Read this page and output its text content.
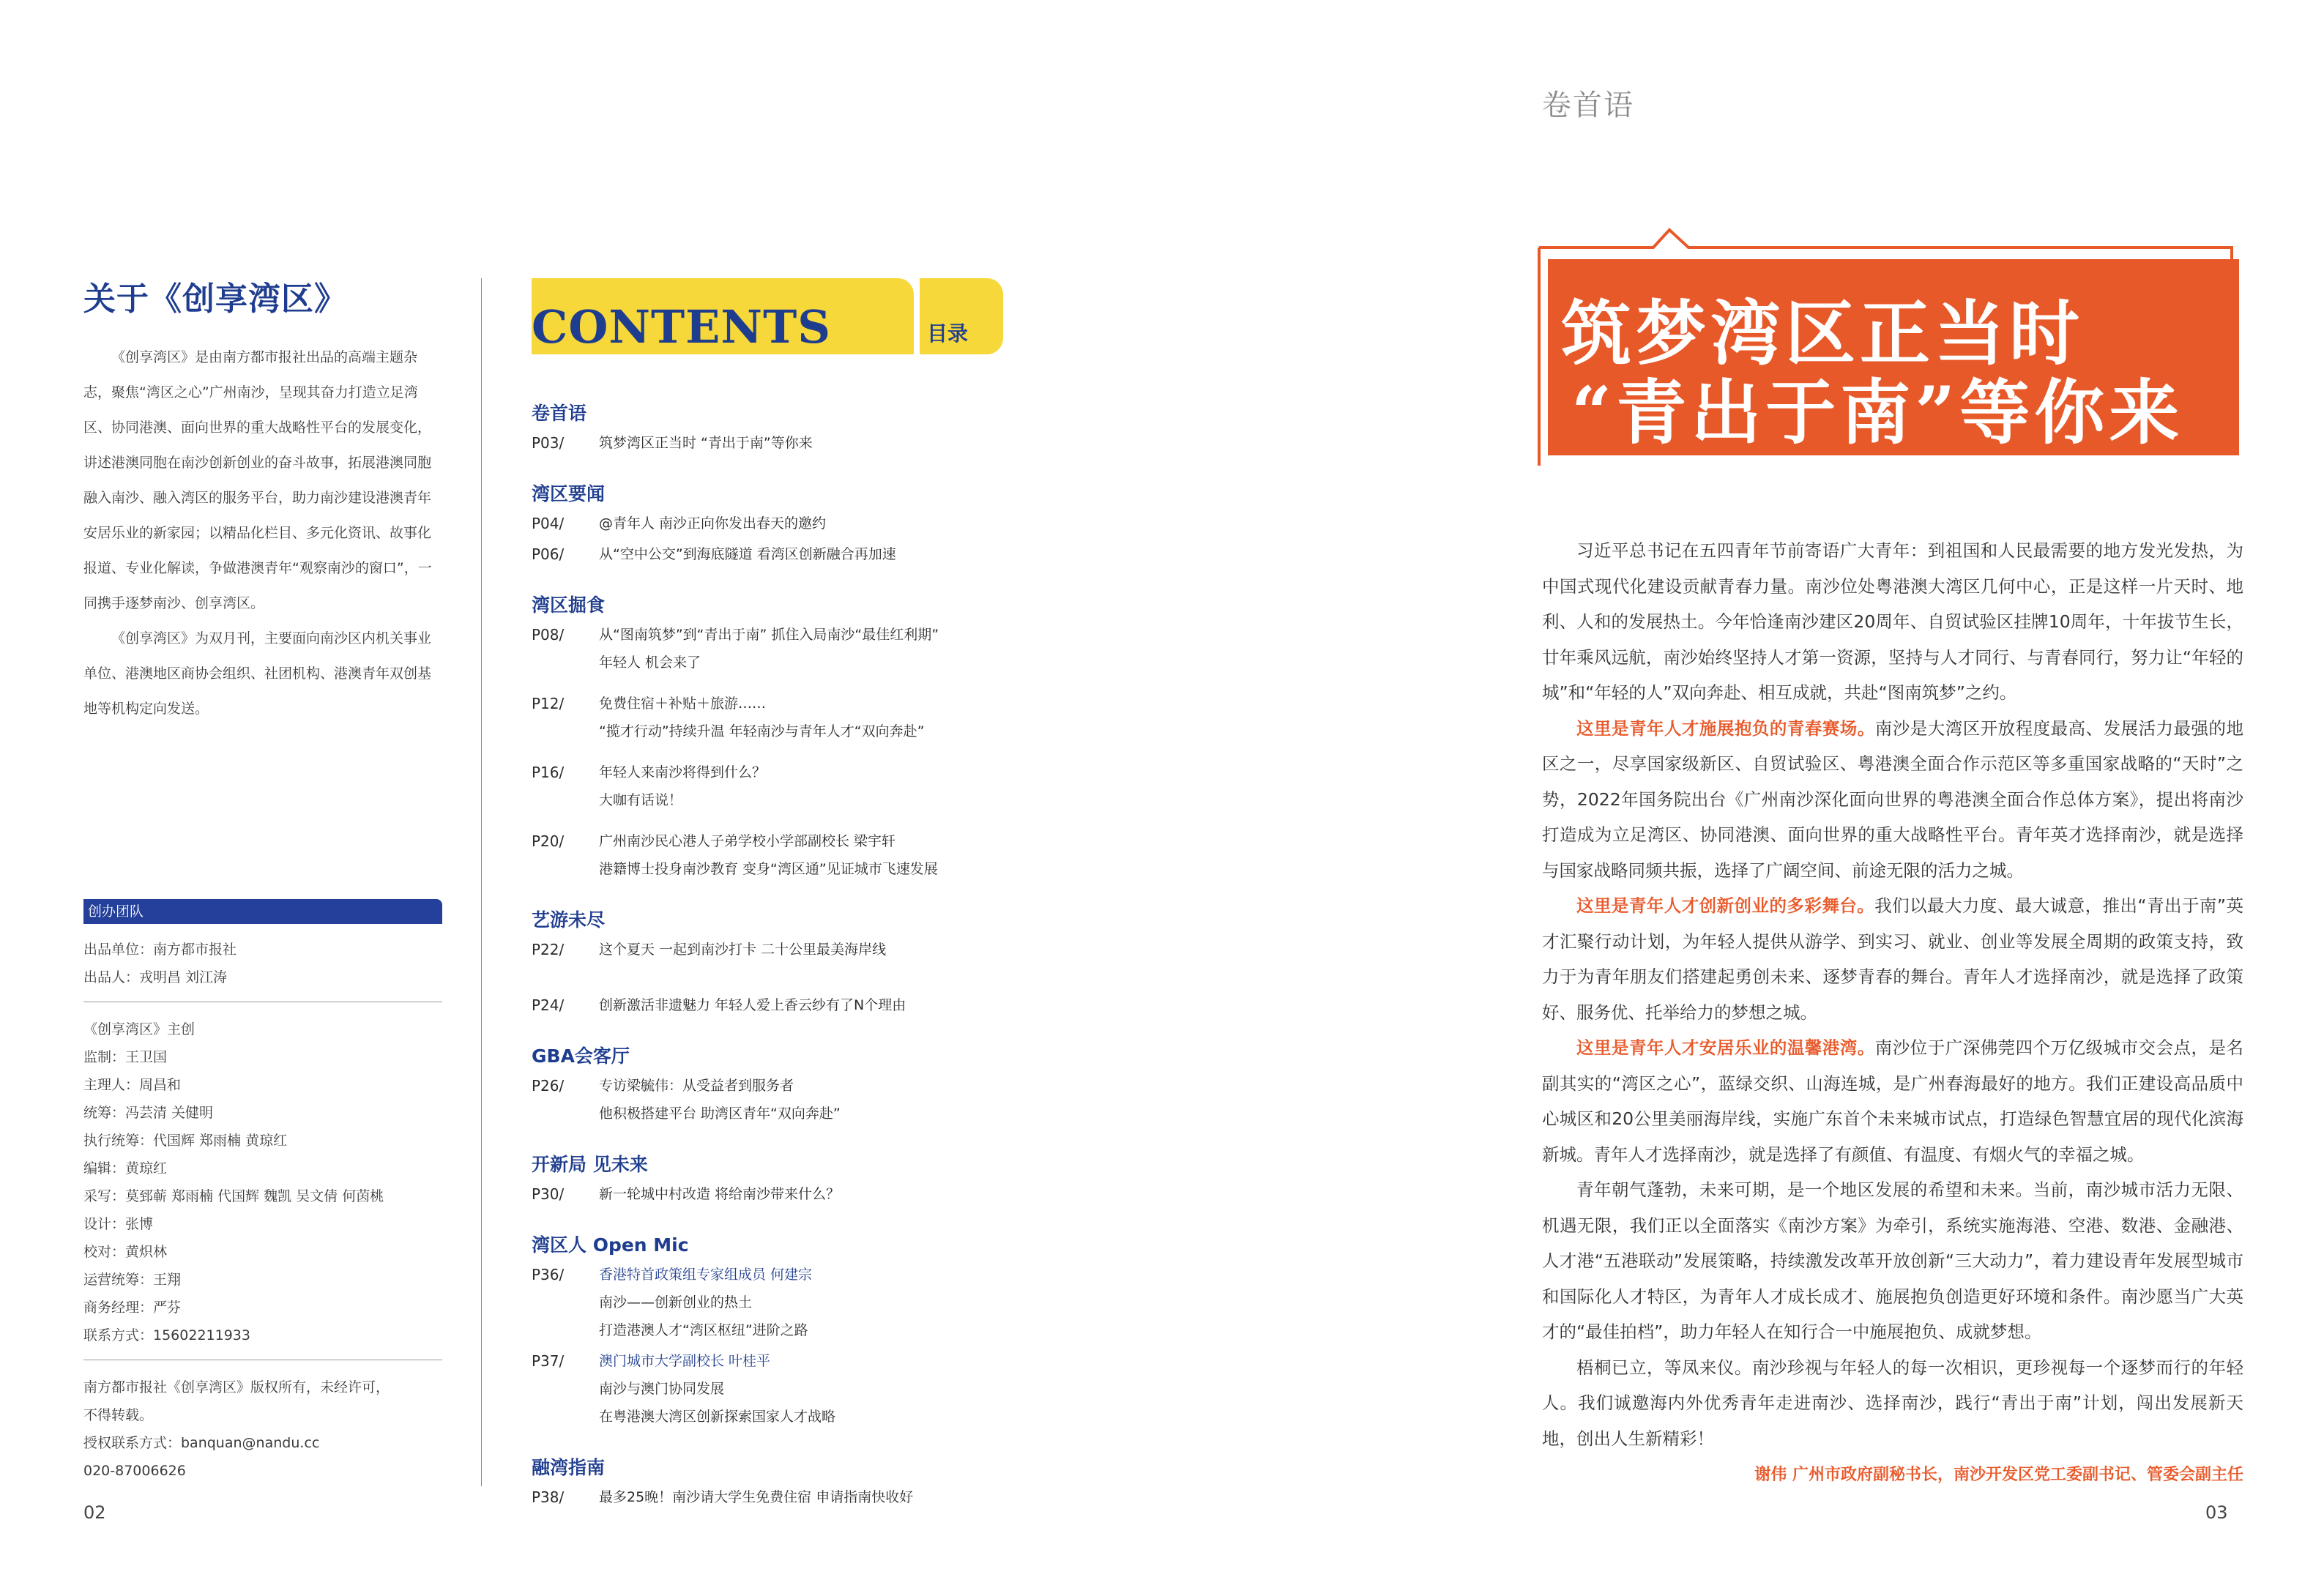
关于《创享湾区》

《创享湾区》是由南方都市报社出品的高端主题杂志，聚焦“湾区之心”广州南沙，呈现其奋力打造立足湾区、协同港澳、面向世界的重大战略性平台的发展变化，讲述港澳同胞在南沙创新创业的奋斗故事，拓展港澳同胞融入南沙、融入湾区的服务平台，助力南沙建设港澳青年安居乐业的新家园；以精品化栏目、多元化资讯、故事化报道、专业化解读，争做港澳青年“观察南沙的窗口”，一同携手逐梦南沙、创享湾区。

《创享湾区》为双月刊，主要面向南沙区内机关事业单位、港澳地区商协会组织、社团机构、港澳青年双创基地等机构定向发送。

创办团队
出品单位：南方都市报社
出品人：戎明昌 刘江涛
《创享湾区》主创
监制：王卫国
主理人：周昌和
统筹：冯芸清 关健明
执行统筹：代国辉 郑雨楠 黄琼红
编辑：黄琼红
采写：莫郅蕲 郑雨楠 代国辉 魏凯 吴文倩 何茵桃
设计：张博
校对：黄炽林
运营统筹：王翔
商务经理：严芬
联系方式：15602211933
南方都市报社《创享湾区》版权所有，未经许可，
不得转载。
授权联系方式：banquan@nandu.cc
020-87006626
CONTENTS	目录
卷首语
P03/	筑梦湾区正当时 “青出于南”等你来
湾区要闻
P04/	@青年人 南沙正向你发出春天的邀约
P06/	从“空中公交”到海底隧道 看湾区创新融合再加速
湾区掘食
P08/	从“图南筑梦”到“青出于南” 抓住入局南沙“最佳红利期”
年轻人 机会来了
P12/	免费住宿＋补贴＋旅游……
“揽才行动”持续升温 年轻南沙与青年人才“双向奔赴”
P16/	年轻人来南沙将得到什么？
大咖有话说！
P20/	广州南沙民心港人子弟学校小学部副校长 梁宇轩
港籍博士投身南沙教育 变身“湾区通”见证城市飞速发展
艺游未尽
P22/	这个夏天 一起到南沙打卡 二十公里最美海岸线
P24/	创新激活非遗魅力 年轻人爱上香云纱有了N个理由
GBA会客厅
P26/	专访梁毓伟：从受益者到服务者
他积极搭建平台 助湾区青年“双向奔赴”
开新局 见未来
P30/	新一轮城中村改造 将给南沙带来什么？
湾区人 Open Mic
P36/	香港特首政策组专家组成员 何建宗
南沙——创新创业的热土
打造港澳人才“湾区枢纽”进阶之路
P37/	澳门城市大学副校长 叶桂平
南沙与澳门协同发展
在粤港澳大湾区创新探索国家人才战略
融湾指南
P38/	最多25晚！南沙请大学生免费住宿 申请指南快收好
02
卷首语
筑梦湾区正当时
“青出于南”等你来

习近平总书记在五四青年节前寄语广大青年：到祖国和人民最需要的地方发光发热，为中国式现代化建设贡献青春力量。南沙位处粤港澳大湾区几何中心，正是这样一片天时、地利、人和的发展热土。今年恰逢南沙建区20周年、自贸试验区挂牌10周年，十年拔节生长，廿年乘风远航，南沙始终坚持人才第一资源，坚持与人才同行、与青春同行，努力让“年轻的城”和“年轻的人”双向奔赴、相互成就，共赴“图南筑梦”之约。

这里是青年人才施展抱负的青春赛场。南沙是大湾区开放程度最高、发展活力最强的地区之一，尽享国家级新区、自贸试验区、粤港澳全面合作示范区等多重国家战略的“天时”之势，2022年国务院出台《广州南沙深化面向世界的粤港澳全面合作总体方案》，提出将南沙打造成为立足湾区、协同港澳、面向世界的重大战略性平台。青年英才选择南沙，就是选择与国家战略同频共振，选择了广阔空间、前途无限的活力之城。

这里是青年人才创新创业的多彩舞台。我们以最大力度、最大诚意，推出“青出于南”英才汇聚行动计划，为年轻人提供从游学、到实习、就业、创业等发展全周期的政策支持，致力于为青年朋友们搭建起勇创未来、逐梦青春的舞台。青年人才选择南沙，就是选择了政策好、服务优、托举给力的梦想之城。

这里是青年人才安居乐业的温馨港湾。南沙位于广深佛莞四个万亿级城市交会点，是名副其实的“湾区之心”，蓝绿交织、山海连城，是广州春海最好的地方。我们正建设高品质中心城区和20公里美丽海岸线，实施广东首个未来城市试点，打造绿色智慧宜居的现代化滨海新城。青年人才选择南沙，就是选择了有颜值、有温度、有烟火气的幸福之城。

青年朝气蓬勃，未来可期，是一个地区发展的希望和未来。当前，南沙城市活力无限、机遇无限，我们正以全面落实《南沙方案》为牵引，系统实施海港、空港、数港、金融港、人才港“五港联动”发展策略，持续激发改革开放创新“三大动力”，着力建设青年发展型城市和国际化人才特区，为青年人才成长成才、施展抱负创造更好环境和条件。南沙愿当广大英才的“最佳拍档”，助力年轻人在知行合一中施展抱负、成就梦想。

梧桐已立，等凤来仪。南沙珍视与年轻人的每一次相识，更珍视每一个逐梦而行的年轻人。我们诚邀海内外优秀青年走进南沙、选择南沙，践行“青出于南”计划，闯出发展新天地，创出人生新精彩！

谢伟 广州市政府副秘书长，南沙开发区党工委副书记、管委会副主任
03
